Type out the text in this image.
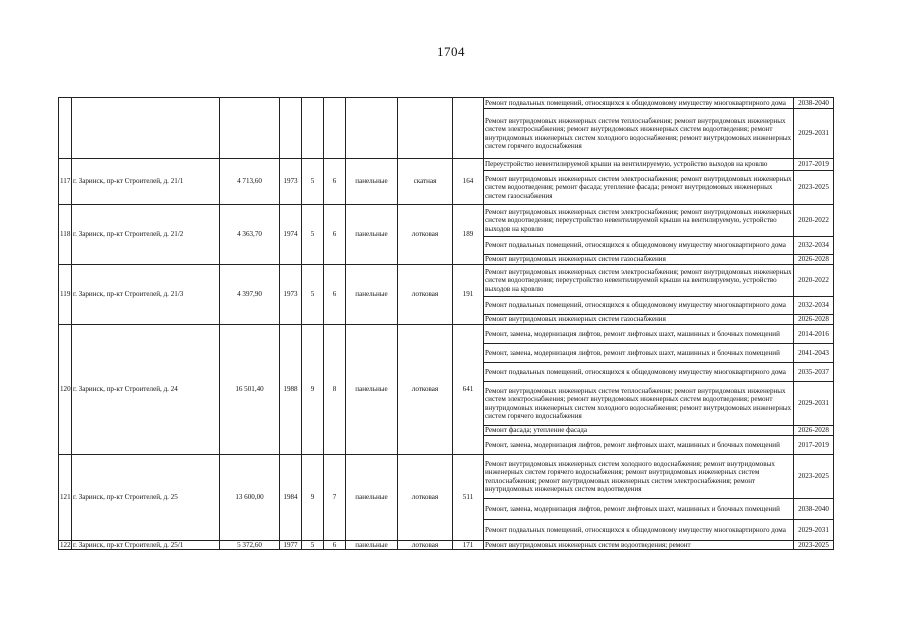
1704
									Ремонт подвальных помещений, относящихся к общедомовому имуществу многоквартирного дома	2038-2040
									Ремонт внутридомовых инженерных систем теплоснабжения; ремонт внутридомовых инженерных систем электроснабжения; ремонт внутридомовых инженерных систем водоотведения; ремонт внутридомовых инженерных систем холодного водоснабжения; ремонт внутридомовых инженерных систем горячего водоснабжения	2029-2031
117	г. Заринск, пр-кт Строителей, д. 21/1	4 713,60	1973	5	6	панельные	скатная	164	Переустройство невентилируемой крыши на вентилируемую, устройство выходов на кровлю	2017-2019
									Ремонт внутридомовых инженерных систем электроснабжения; ремонт внутридомовых инженерных систем водоотведения; ремонт фасада; утепление фасада; ремонт внутридомовых инженерных систем газоснабжения	2023-2025
118	г. Заринск, пр-кт Строителей, д. 21/2	4 363,70	1974	5	6	панельные	лотковая	189	Ремонт внутридомовых инженерных систем электроснабжения; ремонт внутридомовых инженерных систем водоотведения; переустройство невентилируемой крыши на вентилируемую, устройство выходов на кровлю	2020-2022
									Ремонт подвальных помещений, относящихся к общедомовому имуществу многоквартирного дома	2032-2034
									Ремонт внутридомовых инженерных систем газоснабжения	2026-2028
119	г. Заринск, пр-кт Строителей, д. 21/3	4 397,90	1973	5	6	панельные	лотковая	191	Ремонт внутридомовых инженерных систем электроснабжения; ремонт внутридомовых инженерных систем водоотведения; переустройство невентилируемой крыши на вентилируемую, устройство выходов на кровлю	2020-2022
									Ремонт подвальных помещений, относящихся к общедомовому имуществу многоквартирного дома	2032-2034
									Ремонт внутридомовых инженерных систем газоснабжения	2026-2028
120	г. Заринск, пр-кт Строителей, д. 24	16 501,40	1988	9	8	панельные	лотковая	641	Ремонт, замена, модернизация лифтов, ремонт лифтовых шахт, машинных и блочных помещений	2014-2016
									Ремонт, замена, модернизация лифтов, ремонт лифтовых шахт, машинных и блочных помещений	2041-2043
									Ремонт подвальных помещений, относящихся к общедомовому имуществу многоквартирного дома	2035-2037
									Ремонт внутридомовых инженерных систем теплоснабжения; ремонт внутридомовых инженерных систем электроснабжения; ремонт внутридомовых инженерных систем водоотведения; ремонт внутридомовых инженерных систем холодного водоснабжения; ремонт внутридомовых инженерных систем горячего водоснабжения	2029-2031
									Ремонт фасада; утепление фасада	2026-2028
									Ремонт, замена, модернизация лифтов, ремонт лифтовых шахт, машинных и блочных помещений	2017-2019
121	г. Заринск, пр-кт Строителей, д. 25	13 600,00	1984	9	7	панельные	лотковая	511	Ремонт внутридомовых инженерных систем холодного водоснабжения; ремонт внутридомовых инженерных систем горячего водоснабжения; ремонт внутридомовых инженерных систем теплоснабжения; ремонт внутридомовых инженерных систем электроснабжения; ремонт внутридомовых инженерных систем водоотведения	2023-2025
									Ремонт, замена, модернизация лифтов, ремонт лифтовых шахт, машинных и блочных помещений	2038-2040
									Ремонт подвальных помещений, относящихся к общедомовому имуществу многоквартирного дома	2029-2031
122	г. Заринск, пр-кт Строителей, д. 25/1	5 372,60	1977	5	6	панельные	лотковая	171	Ремонт внутридомовых инженерных систем водоотведения; ремонт	2023-2025
